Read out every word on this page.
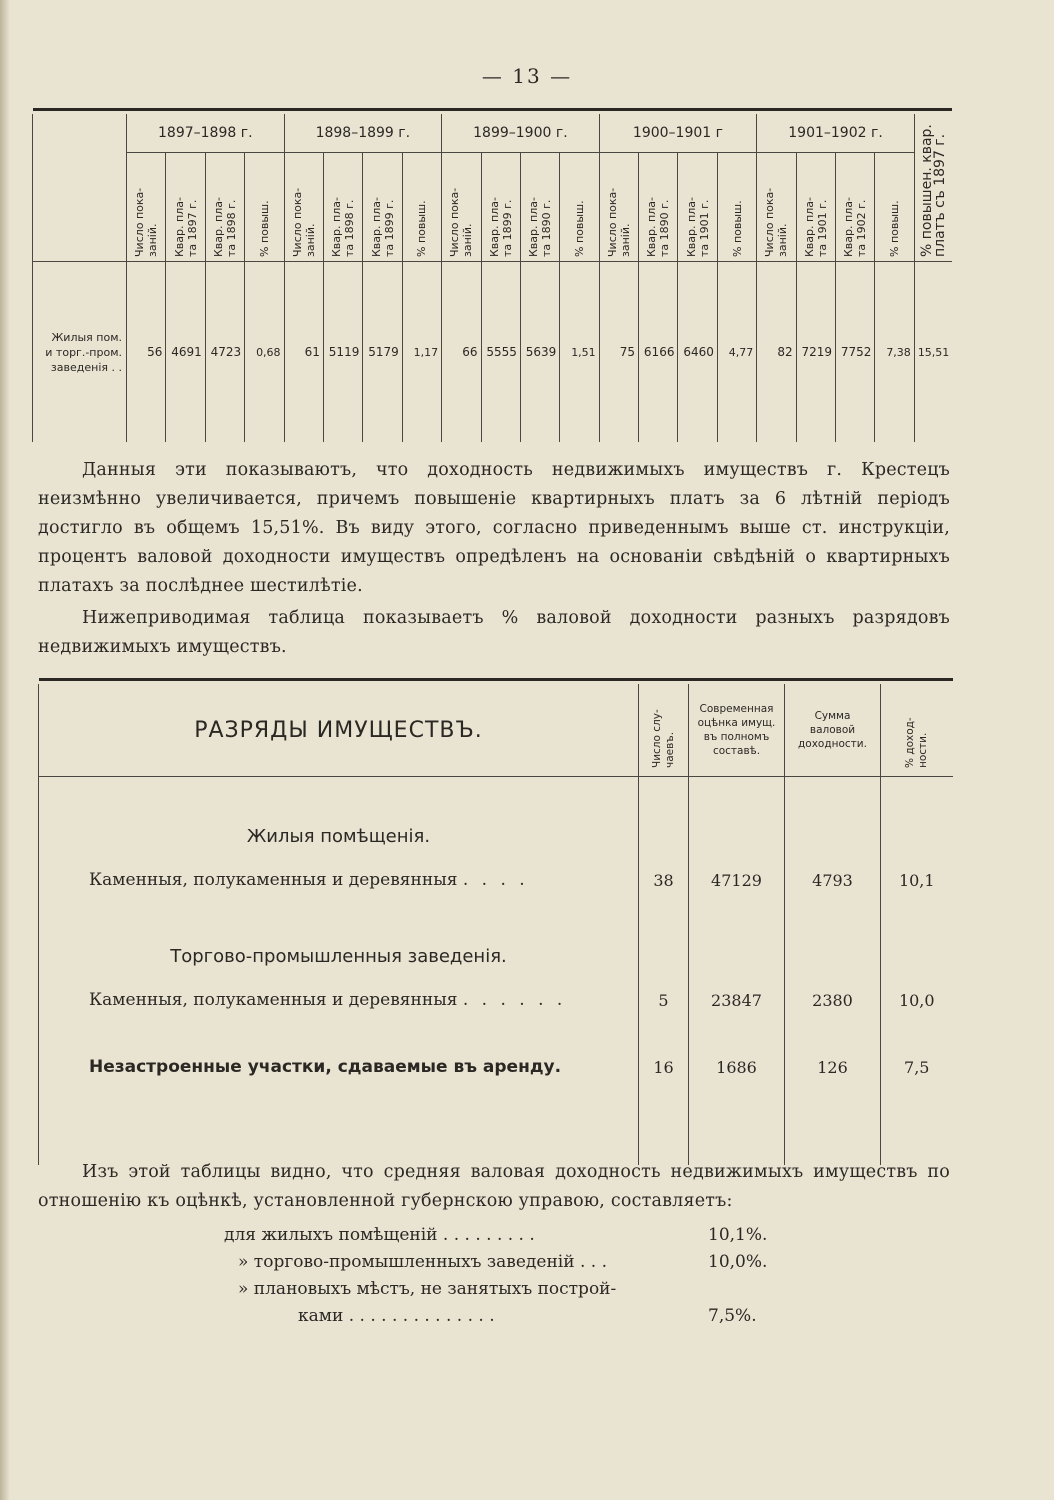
— 13 —

	1897–1898 г.				1898–1899 г.				1899–1900 г.				1900–1901 г				1901–1902 г.				% повышен. квар.
платъ съ 1897 г.

	Число пока-
заній.	Квар. пла-
та 1897 г.	Квар. пла-
та 1898 г.	% повыш.	Число пока-
заній.	Квар. пла-
та 1898 г.	Квар. пла-
та 1899 г.	% повыш.	Число пока-
заній.	Квар. пла-
та 1899 г.	Квар. пла-
та 1890 г.	% повыш.	Число пока-
заній.	Квар. пла-
та 1890 г.	Квар. пла-
та 1901 г.	% повыш.	Число пока-
заній.	Квар. пла-
та 1901 г.	Квар. пла-
та 1902 г.	% повыш.	

Жилыя пом.
и торг.-пром.
заведенія . .	56	4691	4723	0,68	61	5119	5179	1,17	66	5555	5639	1,51	75	6166	6460	4,77	82	7219	7752	7,38	15,51
Данныя эти показываютъ, что доходность недвижимыхъ имуществъ г. Крестецъ неизмѣнно увеличивается, причемъ повышеніе квартирныхъ платъ за 6 лѣтній періодъ достигло въ общемъ 15,51%. Въ виду этого, согласно приведеннымъ выше ст. инструкціи, процентъ валовой доходности имуществъ опредѣленъ на основаніи свѣдѣній о квартирныхъ платахъ за послѣднее шестилѣтіе.
Нижеприводимая таблица показываетъ % валовой доходности разныхъ разрядовъ недвижимыхъ имуществъ.

РАЗРЯДЫ ИМУЩЕСТВЪ.	Число слу-
чаевъ.	Современная
оцѣнка имущ.
въ полномъ
составѣ.	Сумма
валовой
доходности.	% доход-
ности.
Жилыя помѣщенія.				
Каменныя, полукаменныя и деревянныя . . . .	38	47129	4793	10,1
Торгово-промышленныя заведенія.				
Каменныя, полукаменныя и деревянныя . . . . . .	5	23847	2380	10,0
Незастроенные участки, сдаваемые въ аренду.	16	1686	126	7,5

Изъ этой таблицы видно, что средняя валовая доходность недвижимыхъ имуществъ по отношенію къ оцѣнкѣ, установленной губернскою управою, составляетъ:
для жилыхъ помѣщеній . . . . . . . . .	10,1%.
» торгово-промышленныхъ заведеній . . .	10,0%.
» плановыхъ мѣстъ, не занятыхъ построй-
ками . . . . . . . . . . . . . .	7,5%.
